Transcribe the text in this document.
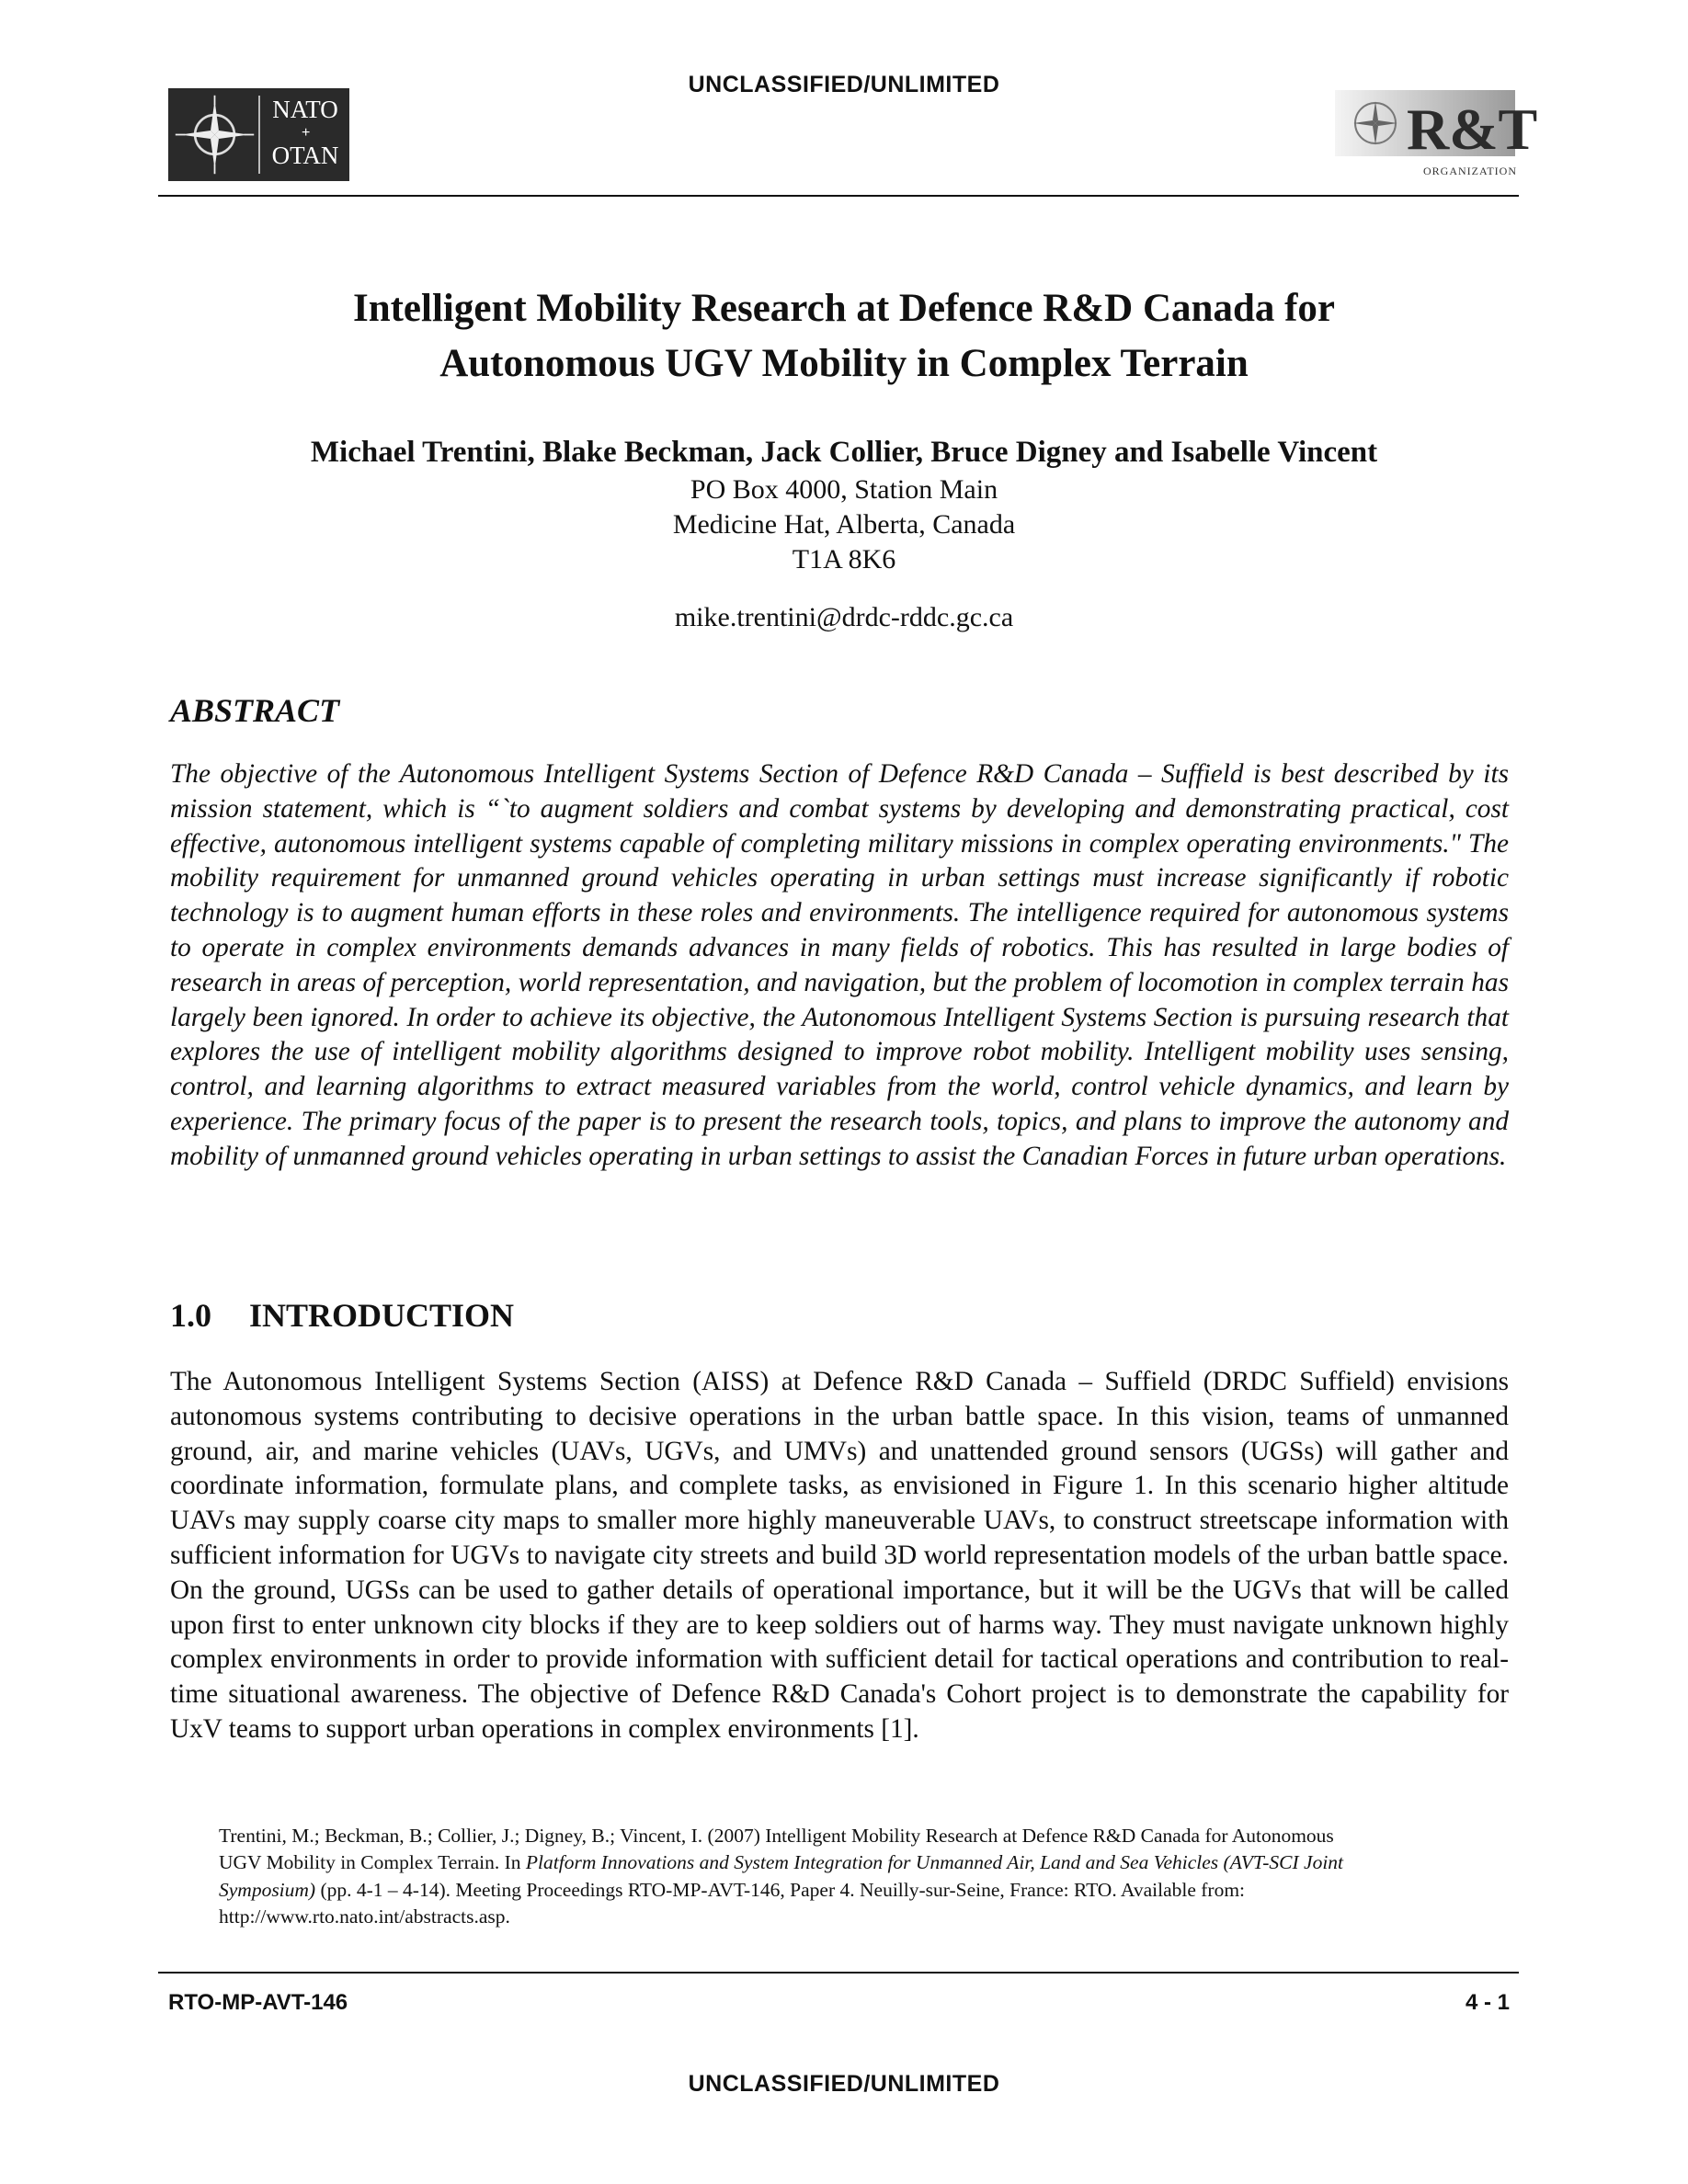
UNCLASSIFIED/UNLIMITED
NATO
+
OTAN	R&T
ORGANIZATION
Intelligent Mobility Research at Defence R&D Canada for
Autonomous UGV Mobility in Complex Terrain
Michael Trentini, Blake Beckman, Jack Collier, Bruce Digney and Isabelle Vincent
PO Box 4000, Station Main
Medicine Hat, Alberta, Canada
T1A 8K6
mike.trentini@drdc-rddc.gc.ca
ABSTRACT
The objective of the Autonomous Intelligent Systems Section of Defence R&D Canada – Suffield is best described by its mission statement, which is “`to augment soldiers and combat systems by developing and demonstrating practical, cost effective, autonomous intelligent systems capable of completing military missions in complex operating environments." The mobility requirement for unmanned ground vehicles operating in urban settings must increase significantly if robotic technology is to augment human efforts in these roles and environments. The intelligence required for autonomous systems to operate in complex environments demands advances in many fields of robotics. This has resulted in large bodies of research in areas of perception, world representation, and navigation, but the problem of locomotion in complex terrain has largely been ignored. In order to achieve its objective, the Autonomous Intelligent Systems Section is pursuing research that explores the use of intelligent mobility algorithms designed to improve robot mobility. Intelligent mobility uses sensing, control, and learning algorithms to extract measured variables from the world, control vehicle dynamics, and learn by experience. The primary focus of the paper is to present the research tools, topics, and plans to improve the autonomy and mobility of unmanned ground vehicles operating in urban settings to assist the Canadian Forces in future urban operations.
1.0 INTRODUCTION
The Autonomous Intelligent Systems Section (AISS) at Defence R&D Canada – Suffield (DRDC Suffield) envisions autonomous systems contributing to decisive operations in the urban battle space. In this vision, teams of unmanned ground, air, and marine vehicles (UAVs, UGVs, and UMVs) and unattended ground sensors (UGSs) will gather and coordinate information, formulate plans, and complete tasks, as envisioned in Figure 1. In this scenario higher altitude UAVs may supply coarse city maps to smaller more highly maneuverable UAVs, to construct streetscape information with sufficient information for UGVs to navigate city streets and build 3D world representation models of the urban battle space. On the ground, UGSs can be used to gather details of operational importance, but it will be the UGVs that will be called upon first to enter unknown city blocks if they are to keep soldiers out of harms way. They must navigate unknown highly complex environments in order to provide information with sufficient detail for tactical operations and contribution to real-time situational awareness. The objective of Defence R&D Canada's Cohort project is to demonstrate the capability for UxV teams to support urban operations in complex environments [1].
Trentini, M.; Beckman, B.; Collier, J.; Digney, B.; Vincent, I. (2007) Intelligent Mobility Research at Defence R&D Canada for Autonomous UGV Mobility in Complex Terrain. In Platform Innovations and System Integration for Unmanned Air, Land and Sea Vehicles (AVT-SCI Joint Symposium) (pp. 4-1 – 4-14). Meeting Proceedings RTO-MP-AVT-146, Paper 4. Neuilly-sur-Seine, France: RTO. Available from: http://www.rto.nato.int/abstracts.asp.
RTO-MP-AVT-146	4 - 1
UNCLASSIFIED/UNLIMITED
